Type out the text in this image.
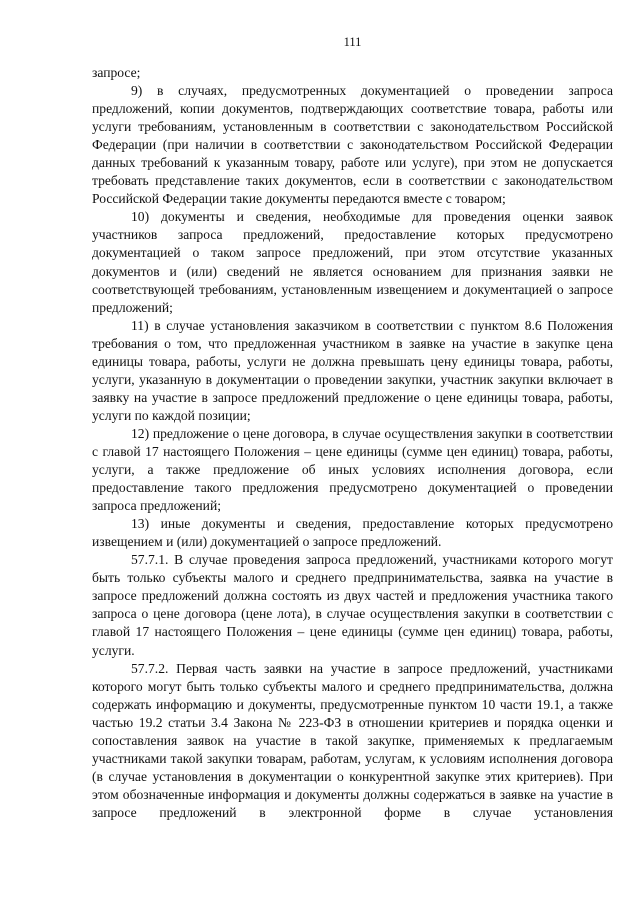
111

запросе;

9) в случаях, предусмотренных документацией о проведении запроса предложений, копии документов, подтверждающих соответствие товара, работы или услуги требованиям, установленным в соответствии с законодательством Российской Федерации (при наличии в соответствии с законодательством Российской Федерации данных требований к указанным товару, работе или услуге), при этом не допускается требовать представление таких документов, если в соответствии с законодательством Российской Федерации такие документы передаются вместе с товаром;

10) документы и сведения, необходимые для проведения оценки заявок участников запроса предложений, предоставление которых предусмотрено документацией о таком запросе предложений, при этом отсутствие указанных документов и (или) сведений не является основанием для признания заявки не соответствующей требованиям, установленным извещением и документацией о запросе предложений;

11) в случае установления заказчиком в соответствии с пунктом 8.6 Положения требования о том, что предложенная участником в заявке на участие в закупке цена единицы товара, работы, услуги не должна превышать цену единицы товара, работы, услуги, указанную в документации о проведении закупки, участник закупки включает в заявку на участие в запросе предложений предложение о цене единицы товара, работы, услуги по каждой позиции;

12) предложение о цене договора, в случае осуществления закупки в соответствии с главой 17 настоящего Положения – цене единицы (сумме цен единиц) товара, работы, услуги, а также предложение об иных условиях исполнения договора, если предоставление такого предложения предусмотрено документацией о проведении запроса предложений;

13) иные документы и сведения, предоставление которых предусмотрено извещением и (или) документацией о запросе предложений.

57.7.1. В случае проведения запроса предложений, участниками которого могут быть только субъекты малого и среднего предпринимательства, заявка на участие в запросе предложений должна состоять из двух частей и предложения участника такого запроса о цене договора (цене лота), в случае осуществления закупки в соответствии с главой 17 настоящего Положения – цене единицы (сумме цен единиц) товара, работы, услуги.

57.7.2. Первая часть заявки на участие в запросе предложений, участниками которого могут быть только субъекты малого и среднего предпринимательства, должна содержать информацию и документы, предусмотренные пунктом 10 части 19.1, а также частью 19.2 статьи 3.4 Закона № 223-ФЗ в отношении критериев и порядка оценки и сопоставления заявок на участие в такой закупке, применяемых к предлагаемым участниками такой закупки товарам, работам, услугам, к условиям исполнения договора (в случае установления в документации о конкурентной закупке этих критериев). При этом обозначенные информация и документы должны содержаться в заявке на участие в запросе предложений в электронной форме в случае установления
